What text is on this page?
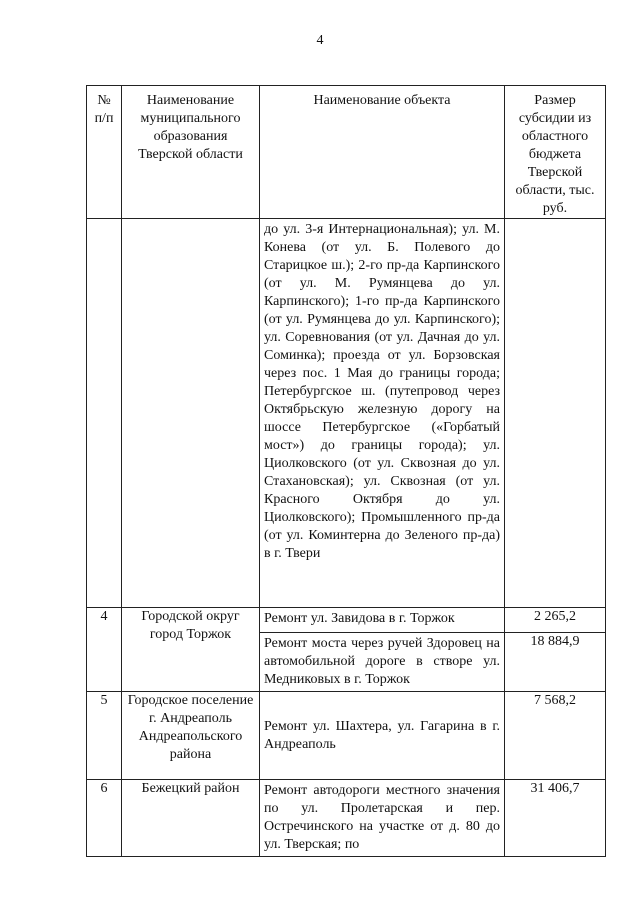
4
№ п/п	Наименование муниципального образования Тверской области	Наименование объекта	Размер субсидии из областного бюджета Тверской области, тыс. руб.
		до ул. 3-я Интернациональная); ул. М. Конева (от ул. Б. Полевого до Старицкое ш.); 2-го пр-да Карпинского (от ул. М. Румянцева до ул. Карпинского); 1-го пр-да Карпинского (от ул. Румянцева до ул. Карпинского); ул. Соревнования (от ул. Дачная до ул. Соминка); проезда от ул. Борзовская через пос. 1 Мая до границы города; Петербургское ш. (путепровод через Октябрьскую железную дорогу на шоссе Петербургское («Горбатый мост») до границы города); ул. Циолковского (от ул. Сквозная до ул. Стахановская); ул. Сквозная (от ул. Красного Октября до ул. Циолковского); Промышленного пр-да (от ул. Коминтерна до Зеленого пр-да) в г. Твери	
4	Городской округ город Торжок	Ремонт ул. Завидова в г. Торжок	2 265,2
		Ремонт моста через ручей Здоровец на автомобильной дороге в створе ул. Медниковых в г. Торжок	18 884,9
5	Городское поселение г. Андреаполь Андреапольского района	Ремонт ул. Шахтера, ул. Гагарина в г. Андреаполь	7 568,2
6	Бежецкий район	Ремонт автодороги местного значения по ул. Пролетарская и пер. Остречинского на участке от д. 80 до ул. Тверская; по	31 406,7
